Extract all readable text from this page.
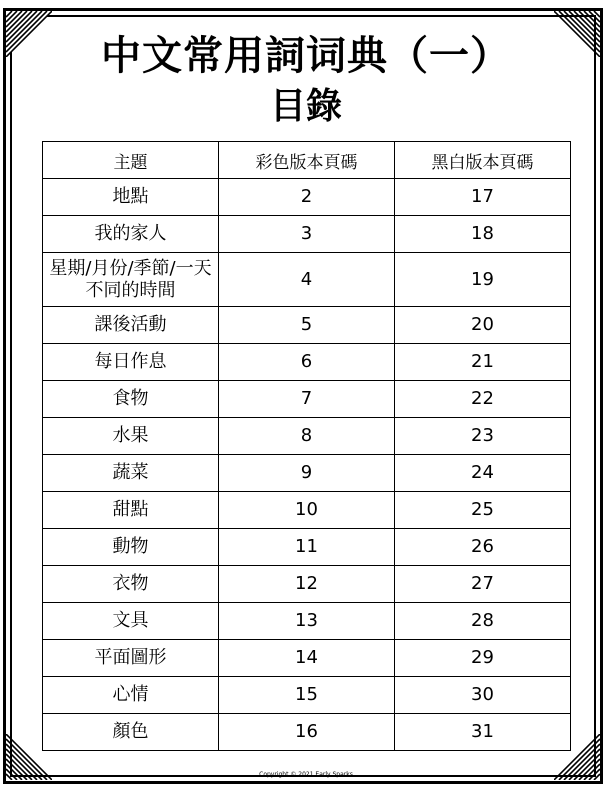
中文常用詞词典（一）
目錄
主題	彩色版本頁碼	黑白版本頁碼
地點	2	17
我的家人	3	18
星期/月份/季節/一天不同的時間	4	19
課後活動	5	20
每日作息	6	21
食物	7	22
水果	8	23
蔬菜	9	24
甜點	10	25
動物	11	26
衣物	12	27
文具	13	28
平面圖形	14	29
心情	15	30
顏色	16	31
Copyright © 2021 Early Sparks
